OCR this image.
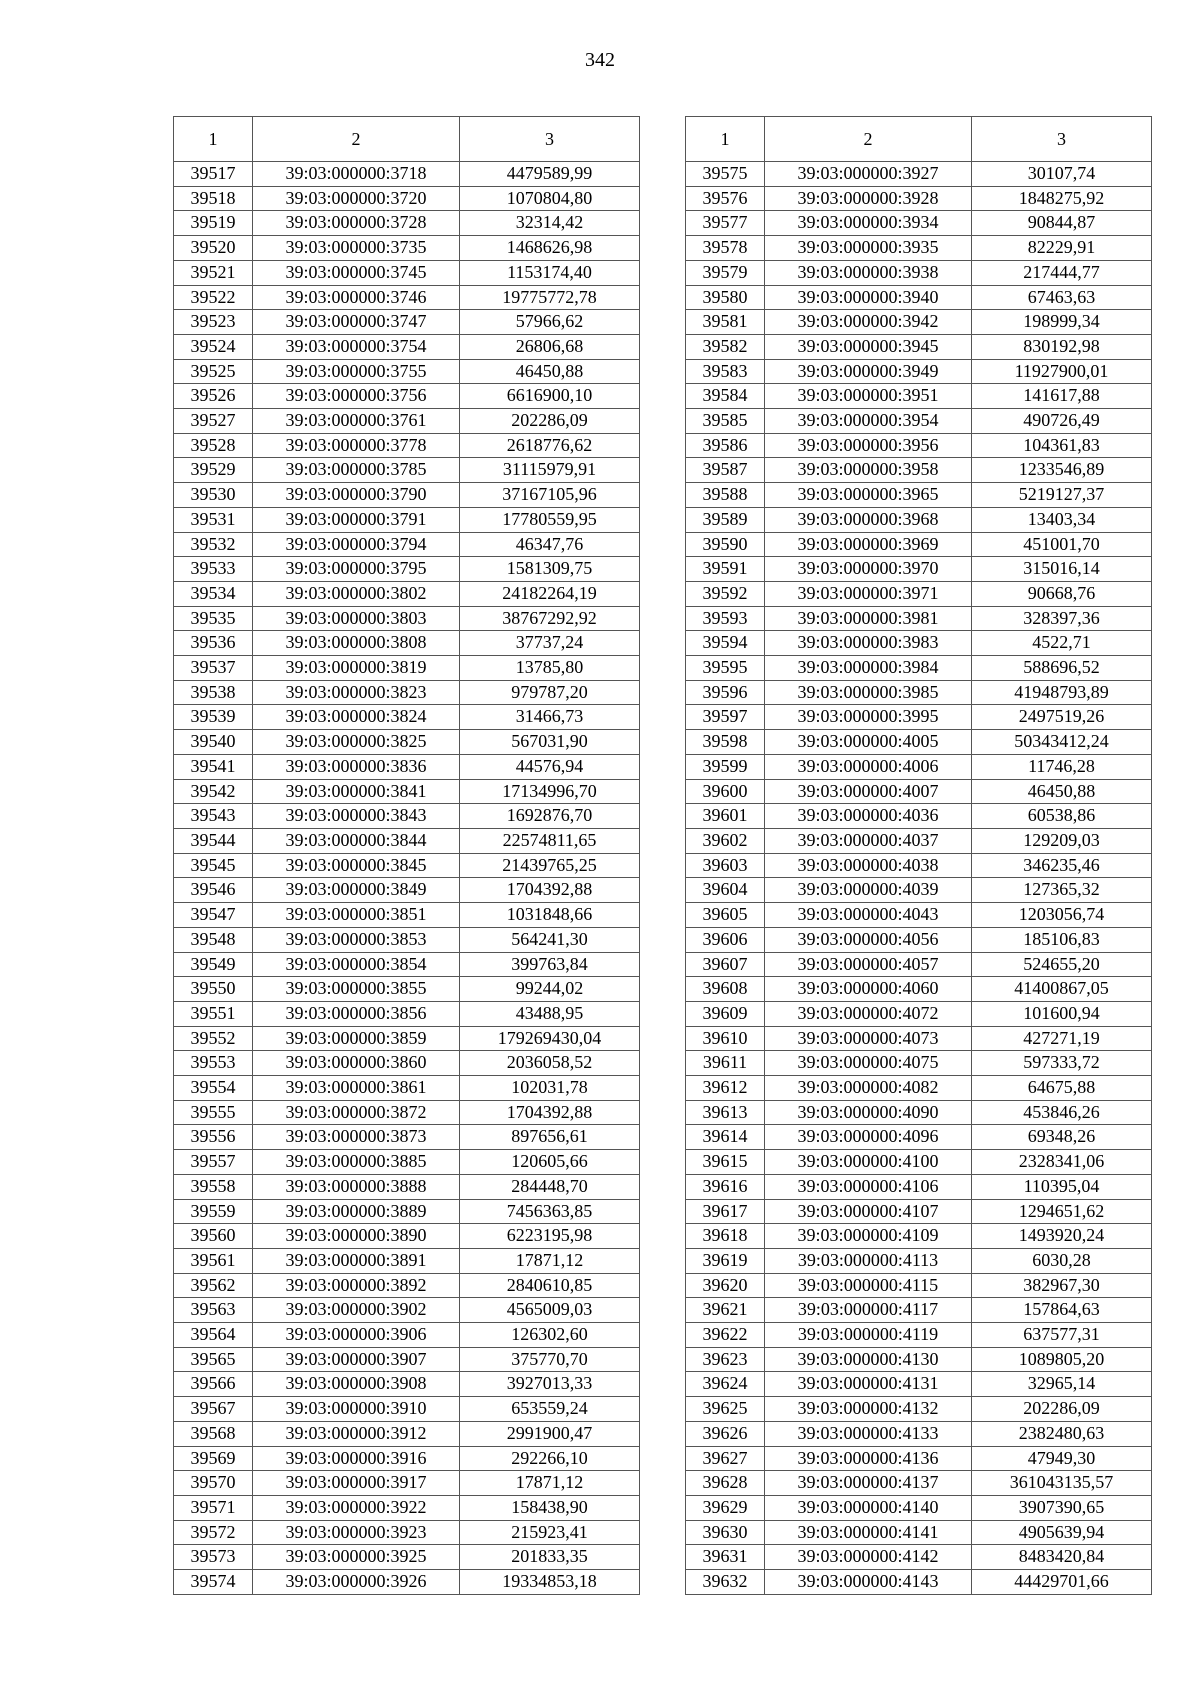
342
1	2	3
39517	39:03:000000:3718	4479589,99
39518	39:03:000000:3720	1070804,80
39519	39:03:000000:3728	32314,42
39520	39:03:000000:3735	1468626,98
39521	39:03:000000:3745	1153174,40
39522	39:03:000000:3746	19775772,78
39523	39:03:000000:3747	57966,62
39524	39:03:000000:3754	26806,68
39525	39:03:000000:3755	46450,88
39526	39:03:000000:3756	6616900,10
39527	39:03:000000:3761	202286,09
39528	39:03:000000:3778	2618776,62
39529	39:03:000000:3785	31115979,91
39530	39:03:000000:3790	37167105,96
39531	39:03:000000:3791	17780559,95
39532	39:03:000000:3794	46347,76
39533	39:03:000000:3795	1581309,75
39534	39:03:000000:3802	24182264,19
39535	39:03:000000:3803	38767292,92
39536	39:03:000000:3808	37737,24
39537	39:03:000000:3819	13785,80
39538	39:03:000000:3823	979787,20
39539	39:03:000000:3824	31466,73
39540	39:03:000000:3825	567031,90
39541	39:03:000000:3836	44576,94
39542	39:03:000000:3841	17134996,70
39543	39:03:000000:3843	1692876,70
39544	39:03:000000:3844	22574811,65
39545	39:03:000000:3845	21439765,25
39546	39:03:000000:3849	1704392,88
39547	39:03:000000:3851	1031848,66
39548	39:03:000000:3853	564241,30
39549	39:03:000000:3854	399763,84
39550	39:03:000000:3855	99244,02
39551	39:03:000000:3856	43488,95
39552	39:03:000000:3859	179269430,04
39553	39:03:000000:3860	2036058,52
39554	39:03:000000:3861	102031,78
39555	39:03:000000:3872	1704392,88
39556	39:03:000000:3873	897656,61
39557	39:03:000000:3885	120605,66
39558	39:03:000000:3888	284448,70
39559	39:03:000000:3889	7456363,85
39560	39:03:000000:3890	6223195,98
39561	39:03:000000:3891	17871,12
39562	39:03:000000:3892	2840610,85
39563	39:03:000000:3902	4565009,03
39564	39:03:000000:3906	126302,60
39565	39:03:000000:3907	375770,70
39566	39:03:000000:3908	3927013,33
39567	39:03:000000:3910	653559,24
39568	39:03:000000:3912	2991900,47
39569	39:03:000000:3916	292266,10
39570	39:03:000000:3917	17871,12
39571	39:03:000000:3922	158438,90
39572	39:03:000000:3923	215923,41
39573	39:03:000000:3925	201833,35
39574	39:03:000000:3926	19334853,18
1	2	3
39575	39:03:000000:3927	30107,74
39576	39:03:000000:3928	1848275,92
39577	39:03:000000:3934	90844,87
39578	39:03:000000:3935	82229,91
39579	39:03:000000:3938	217444,77
39580	39:03:000000:3940	67463,63
39581	39:03:000000:3942	198999,34
39582	39:03:000000:3945	830192,98
39583	39:03:000000:3949	11927900,01
39584	39:03:000000:3951	141617,88
39585	39:03:000000:3954	490726,49
39586	39:03:000000:3956	104361,83
39587	39:03:000000:3958	1233546,89
39588	39:03:000000:3965	5219127,37
39589	39:03:000000:3968	13403,34
39590	39:03:000000:3969	451001,70
39591	39:03:000000:3970	315016,14
39592	39:03:000000:3971	90668,76
39593	39:03:000000:3981	328397,36
39594	39:03:000000:3983	4522,71
39595	39:03:000000:3984	588696,52
39596	39:03:000000:3985	41948793,89
39597	39:03:000000:3995	2497519,26
39598	39:03:000000:4005	50343412,24
39599	39:03:000000:4006	11746,28
39600	39:03:000000:4007	46450,88
39601	39:03:000000:4036	60538,86
39602	39:03:000000:4037	129209,03
39603	39:03:000000:4038	346235,46
39604	39:03:000000:4039	127365,32
39605	39:03:000000:4043	1203056,74
39606	39:03:000000:4056	185106,83
39607	39:03:000000:4057	524655,20
39608	39:03:000000:4060	41400867,05
39609	39:03:000000:4072	101600,94
39610	39:03:000000:4073	427271,19
39611	39:03:000000:4075	597333,72
39612	39:03:000000:4082	64675,88
39613	39:03:000000:4090	453846,26
39614	39:03:000000:4096	69348,26
39615	39:03:000000:4100	2328341,06
39616	39:03:000000:4106	110395,04
39617	39:03:000000:4107	1294651,62
39618	39:03:000000:4109	1493920,24
39619	39:03:000000:4113	6030,28
39620	39:03:000000:4115	382967,30
39621	39:03:000000:4117	157864,63
39622	39:03:000000:4119	637577,31
39623	39:03:000000:4130	1089805,20
39624	39:03:000000:4131	32965,14
39625	39:03:000000:4132	202286,09
39626	39:03:000000:4133	2382480,63
39627	39:03:000000:4136	47949,30
39628	39:03:000000:4137	361043135,57
39629	39:03:000000:4140	3907390,65
39630	39:03:000000:4141	4905639,94
39631	39:03:000000:4142	8483420,84
39632	39:03:000000:4143	44429701,66
